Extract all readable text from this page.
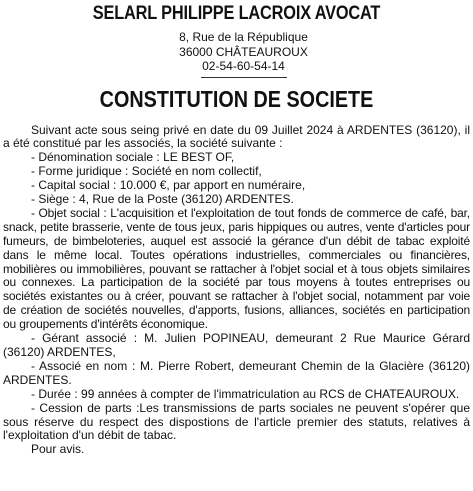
SELARL PHILIPPE LACROIX AVOCAT
8, Rue de la République
36000 CHÂTEAUROUX
02-54-60-54-14
CONSTITUTION DE SOCIETE

Suivant acte sous seing privé en date du 09 Juillet 2024 à ARDENTES (36120), il a été constitué par les associés, la société suivante :

- Dénomination sociale : LE BEST OF,

- Forme juridique : Société en nom collectif,

- Capital social : 10.000 €, par apport en numéraire,

- Siège : 4, Rue de la Poste (36120) ARDENTES.

- Objet social : L'acquisition et l'exploitation de tout fonds de commerce de café, bar, snack, petite brasserie, vente de tous jeux, paris hippiques ou autres, vente d'articles pour fumeurs, de bimbeloteries, auquel est associé la gérance d'un débit de tabac exploité dans le même local. Toutes opérations industrielles, commerciales ou financières, mobilières ou immobilières, pouvant se rattacher à l'objet social et à tous objets similaires ou connexes. La participation de la société par tous moyens à toutes entreprises ou sociétés existantes ou à créer, pouvant se rattacher à l'objet social, notamment par voie de création de sociétés nouvelles, d'apports, fusions, alliances, sociétés en participation ou groupements d'intérêts économique.

- Gérant associé : M. Julien POPINEAU, demeurant 2 Rue Maurice Gérard (36120) ARDENTES,

- Associé en nom : M. Pierre Robert, demeurant Chemin de la Glacière (36120) ARDENTES.

- Durée : 99 années à compter de l'immatriculation au RCS de CHATEAUROUX.

- Cession de parts :Les transmissions de parts sociales ne peuvent s'opérer que sous réserve du respect des dispostions de l'article premier des statuts, relatives à l'exploitation d'un débit de tabac.

Pour avis.
